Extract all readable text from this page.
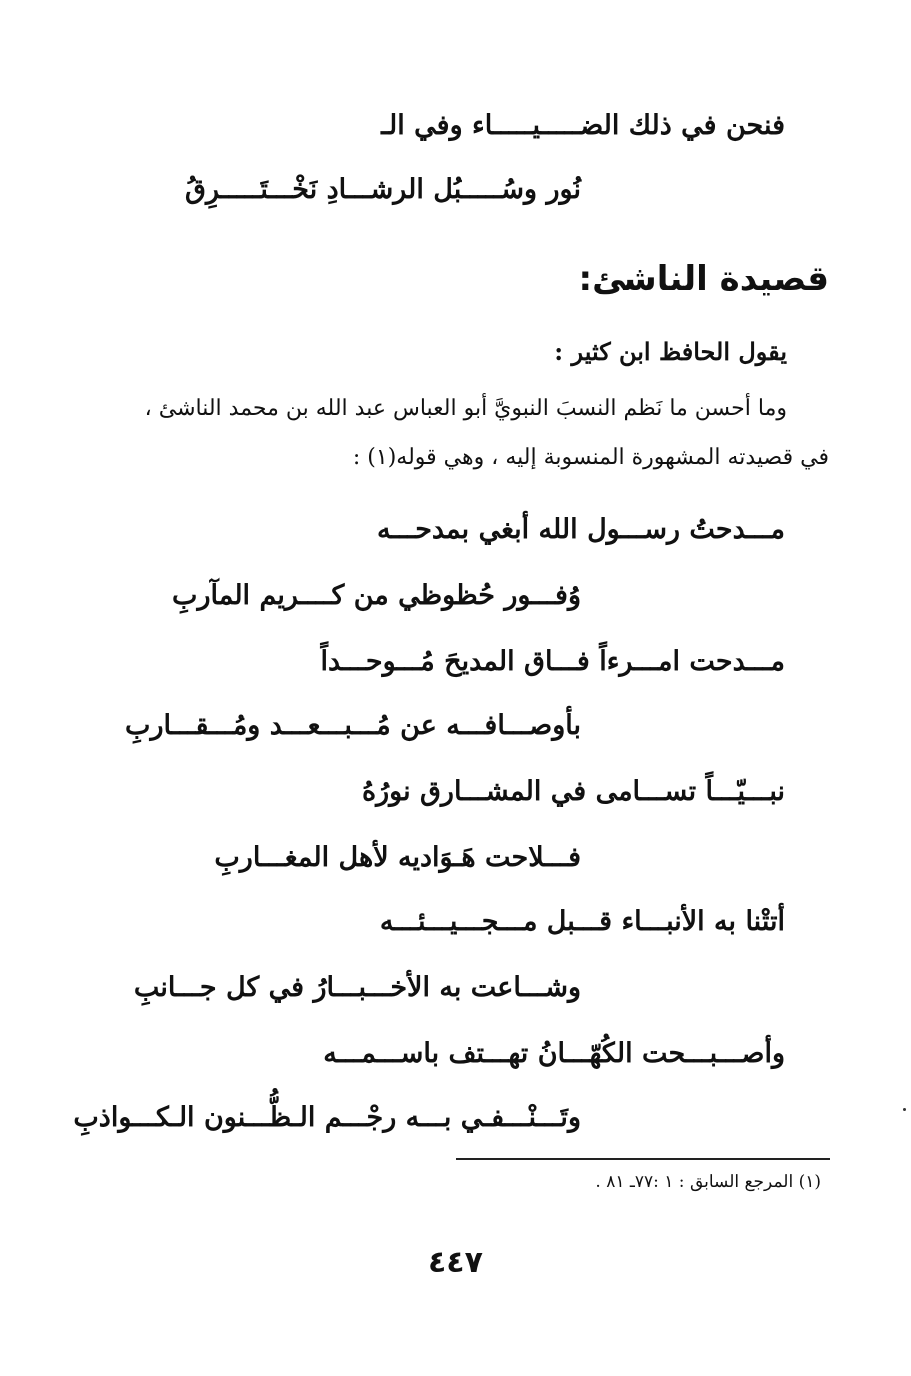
فنحن في ذلك الضـــــيـــــاء وفي الـ
نُور وسُـــــبُل الرشـــادِ نَخْـــتَـــــرِقُ
قصيدة الناشئ:
يقول الحافظ ابن كثير :
وما أحسن ما نَظم النسبَ النبويَّ أبو العباس عبد الله بن محمد الناشئ ،
في قصيدته المشهورة المنسوبة إليه ، وهي قوله(١) :
مـــدحتُ رســـول الله أبغي بمدحـــه
وُفـــور حُظوظي من كــــريم المآربِ
مـــدحت امـــرءاً فـــاق المديحَ مُـــوحـــداً
بأوصـــافـــه عن مُـــبـــعـــد ومُـــقـــاربِ
نبـــيّـــاً تســـامى في المشـــارق نورُهُ
فـــلاحت هَـوَاديه لأهل المغـــاربِ
أتتْنا به الأنبـــاء قـــبل مـــجـــيـــئـــه
وشـــاعت به الأخـــبـــارُ في كل جـــانبِ
وأصـــبـــحت الكُهّـــانُ تهـــتف باســـمـــه
وتَـــنْـــفـي بـــه رجْـــم الـظُّـــنون الـكـــواذبِ
(١) المرجع السابق : ١ :٧٧ـ ٨١ .
٤٤٧
